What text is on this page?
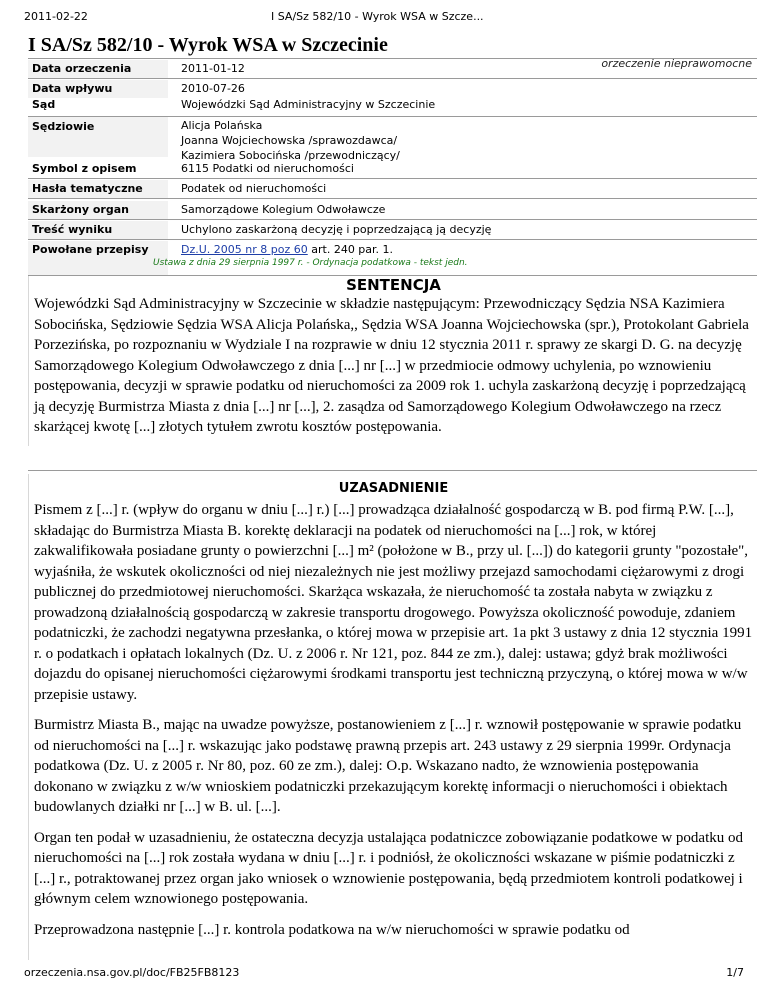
2011-02-22	I SA/Sz 582/10 - Wyrok WSA w Szcze...
I SA/Sz 582/10 - Wyrok WSA w Szczecinie
orzeczenie nieprawomocne
Data orzeczenia	2011-01-12
Data wpływu	2010-07-26
Sąd	Wojewódzki Sąd Administracyjny w Szczecinie
Sędziowie	Alicja Polańska
Joanna Wojciechowska /sprawozdawca/
Kazimiera Sobocińska /przewodniczący/
Symbol z opisem	6115 Podatki od nieruchomości
Hasła tematyczne	Podatek od nieruchomości
Skarżony organ	Samorządowe Kolegium Odwoławcze
Treść wyniku	Uchylono zaskarżoną decyzję i poprzedzającą ją decyzję
Powołane przepisy	Dz.U. 2005 nr 8 poz 60 art. 240 par. 1.
Ustawa z dnia 29 sierpnia 1997 r. - Ordynacja podatkowa - tekst jedn.
SENTENCJA

Wojewódzki Sąd Administracyjny w Szczecinie w składzie następującym: Przewodniczący Sędzia NSA Kazimiera Sobocińska, Sędziowie Sędzia WSA Alicja Polańska,, Sędzia WSA Joanna Wojciechowska (spr.), Protokolant Gabriela Porzezińska, po rozpoznaniu w Wydziale I na rozprawie w dniu 12 stycznia 2011 r. sprawy ze skargi D. G. na decyzję Samorządowego Kolegium Odwoławczego z dnia [...] nr [...] w przedmiocie odmowy uchylenia, po wznowieniu postępowania, decyzji w sprawie podatku od nieruchomości za 2009 rok 1. uchyla zaskarżoną decyzję i poprzedzającą ją decyzję Burmistrza Miasta z dnia [...] nr [...], 2. zasądza od Samorządowego Kolegium Odwoławczego na rzecz skarżącej kwotę [...] złotych tytułem zwrotu kosztów postępowania.

UZASADNIENIE

Pismem z [...] r. (wpływ do organu w dniu [...] r.) [...] prowadząca działalność gospodarczą w B. pod firmą P.W. [...], składając do Burmistrza Miasta B. korektę deklaracji na podatek od nieruchomości na [...] rok, w której zakwalifikowała posiadane grunty o powierzchni [...] m² (położone w B., przy ul. [...]) do kategorii grunty "pozostałe", wyjaśniła, że wskutek okoliczności od niej niezależnych nie jest możliwy przejazd samochodami ciężarowymi z drogi publicznej do przedmiotowej nieruchomości. Skarżąca wskazała, że nieruchomość ta została nabyta w związku z prowadzoną działalnością gospodarczą w zakresie transportu drogowego. Powyższa okoliczność powoduje, zdaniem podatniczki, że zachodzi negatywna przesłanka, o której mowa w przepisie art. 1a pkt 3 ustawy z dnia 12 stycznia 1991 r. o podatkach i opłatach lokalnych (Dz. U. z 2006 r. Nr 121, poz. 844 ze zm.), dalej: ustawa; gdyż brak możliwości dojazdu do opisanej nieruchomości ciężarowymi środkami transportu jest techniczną przyczyną, o której mowa w w/w przepisie ustawy.

Burmistrz Miasta B., mając na uwadze powyższe, postanowieniem z [...] r. wznowił postępowanie w sprawie podatku od nieruchomości na [...] r. wskazując jako podstawę prawną przepis art. 243 ustawy z 29 sierpnia 1999r. Ordynacja podatkowa (Dz. U. z 2005 r. Nr 80, poz. 60 ze zm.), dalej: O.p. Wskazano nadto, że wznowienia postępowania dokonano w związku z w/w wnioskiem podatniczki przekazującym korektę informacji o nieruchomości i obiektach budowlanych działki nr [...] w B. ul. [...].

Organ ten podał w uzasadnieniu, że ostateczna decyzja ustalająca podatniczce zobowiązanie podatkowe w podatku od nieruchomości na [...] rok została wydana w dniu [...] r. i podniósł, że okoliczności wskazane w piśmie podatniczki z [...] r., potraktowanej przez organ jako wniosek o wznowienie postępowania, będą przedmiotem kontroli podatkowej i głównym celem wznowionego postępowania.

Przeprowadzona następnie [...] r. kontrola podatkowa na w/w nieruchomości w sprawie podatku od

orzeczenia.nsa.gov.pl/doc/FB25FB8123	1/7
